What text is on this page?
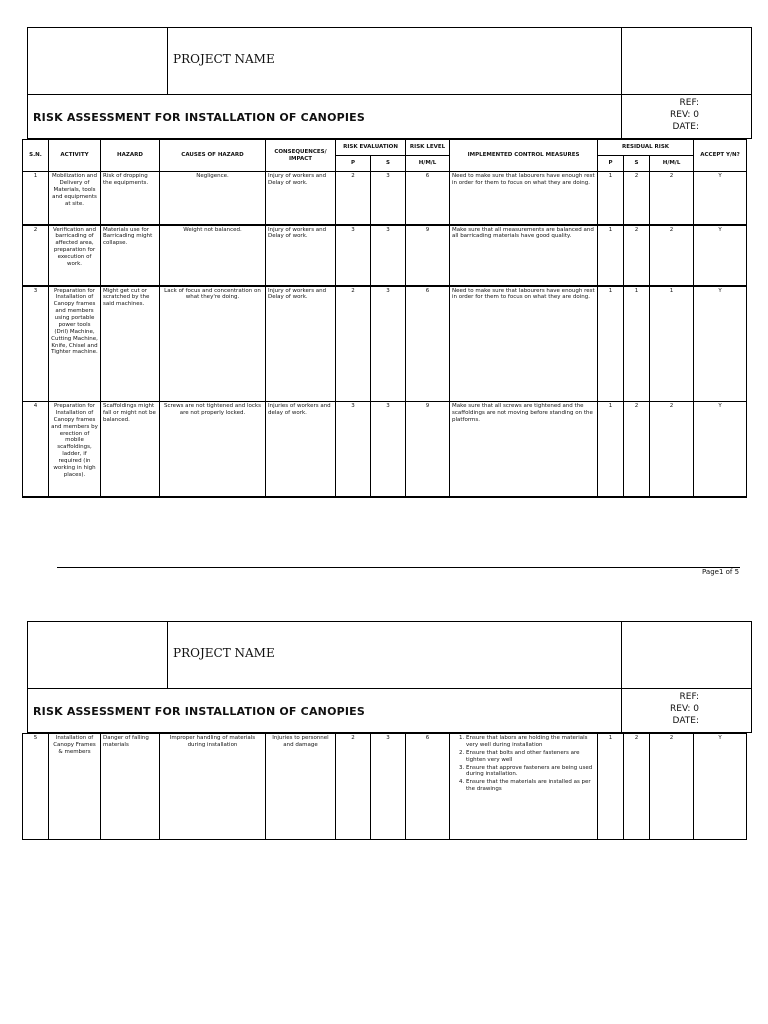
PROJECT NAME
RISK ASSESSMENT FOR INSTALLATION OF CANOPIES
REF:
REV: 0
DATE:
S.N.	ACTIVITY	HAZARD	CAUSES OF HAZARD	CONSEQUENCES/ IMPACT	RISK EVALUATION		RISK LEVEL	IMPLEMENTED CONTROL MEASURES	RESIDUAL RISK			ACCEPT Y/N?
					P	S	H/M/L		P	S	H/M/L	
1	Mobilization and Delivery of Materials, tools and equipments at site.	Risk of dropping the equipments.	Negligence.	Injury of workers and Delay of work.	2	3	6	Need to make sure that labourers have enough rest in order for them to focus on what they are doing.	1	2	2	Y
2	Verification and barricading of affected area, preparation for execution of work.	Materials use for Barricading might collapse.	Weight not balanced.	Injury of workers and Delay of work.	3	3	9	Make sure that all measurements are balanced and all barricading materials have good quality.	1	2	2	Y
3	Preparation for Installation of Canopy frames and members using portable power tools (Dril) Machine, Cutting Machine, Knife, Chisel and Tighter machine.	Might get cut or scratched by the said machines.	Lack of focus and concentration on what they're doing.	Injury of workers and Delay of work.	2	3	6	Need to make sure that labourers have enough rest in order for them to focus on what they are doing.	1	1	1	Y
4	Preparation for Installation of Canopy frames and members by erection of mobile scaffoldings, ladder, if required (in working in high places).	Scaffoldings might fall or might not be balanced.	Screws are not tightened and locks are not properly locked.	Injuries of workers and delay of work.	3	3	9	Make sure that all screws are tightened and the scaffoldings are not moving before standing on the platforms.	1	2	2	Y
Page1 of 5
PROJECT NAME
RISK ASSESSMENT FOR INSTALLATION OF CANOPIES
REF:
REV: 0
DATE:
5	Installation of Canopy Frames & members	Danger of falling materials	Improper handling of materials during installation	Injuries to personnel and damage	2	3	6	
1.Ensure that labors are holding the materials very well during installation
2. Ensure that bolts and other fasteners are tighten very well
3. Ensure that approve fasteners are being used during installation.
4. Ensure that the materials are installed as per the drawings
	1	2	2	Y
